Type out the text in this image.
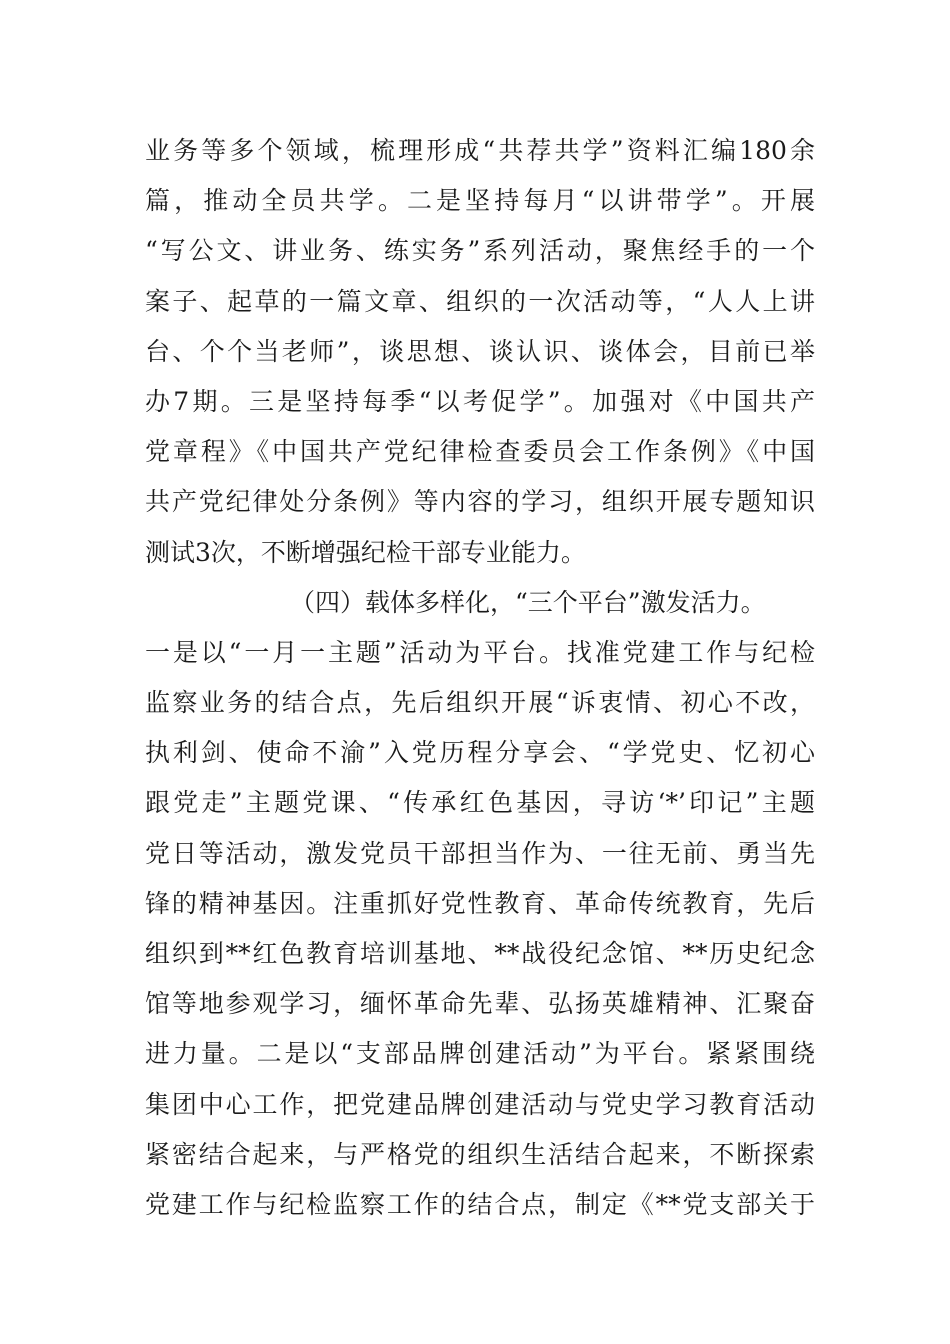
业务等多个领域，梳理形成“共荐共学”资料汇编180余
篇，推动全员共学。二是坚持每月“以讲带学”。开展
“写公文、讲业务、练实务”系列活动，聚焦经手的一个
案子、起草的一篇文章、组织的一次活动等，“人人上讲
台、个个当老师”，谈思想、谈认识、谈体会，目前已举
办7期。三是坚持每季“以考促学”。加强对《中国共产
党章程》《中国共产党纪律检查委员会工作条例》《中国
共产党纪律处分条例》等内容的学习，组织开展专题知识
测试3次，不断增强纪检干部专业能力。
（四）载体多样化，“三个平台”激发活力。
一是以“一月一主题”活动为平台。找准党建工作与纪检
监察业务的结合点，先后组织开展“诉衷情、初心不改，
执利剑、使命不渝”入党历程分享会、“学党史、忆初心
跟党走”主题党课、“传承红色基因，寻访‘*’印记”主题
党日等活动，激发党员干部担当作为、一往无前、勇当先
锋的精神基因。注重抓好党性教育、革命传统教育，先后
组织到**红色教育培训基地、**战役纪念馆、**历史纪念
馆等地参观学习，缅怀革命先辈、弘扬英雄精神、汇聚奋
进力量。二是以“支部品牌创建活动”为平台。紧紧围绕
集团中心工作，把党建品牌创建活动与党史学习教育活动
紧密结合起来，与严格党的组织生活结合起来，不断探索
党建工作与纪检监察工作的结合点，制定《**党支部关于
